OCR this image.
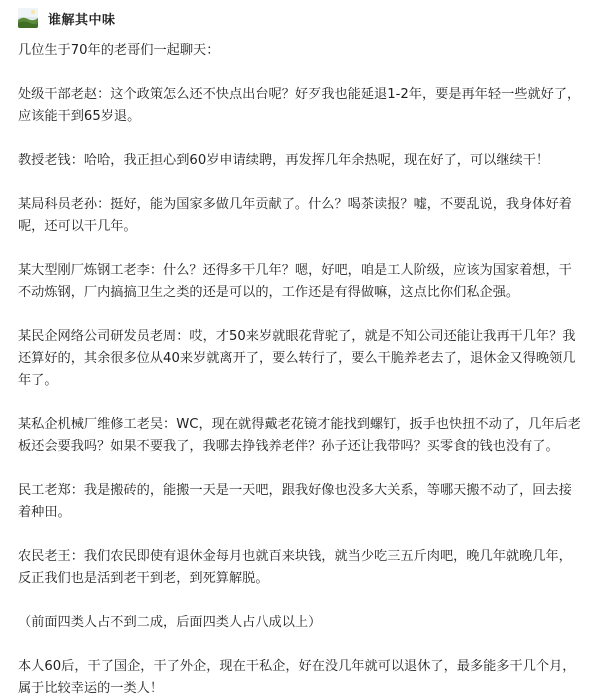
谁解其中味

几位生于70年的老哥们一起聊天：

处级干部老赵：这个政策怎么还不快点出台呢？好歹我也能延退1-2年，要是再年轻一些就好了，应该能干到65岁退。

教授老钱：哈哈，我正担心到60岁申请续聘，再发挥几年余热呢，现在好了，可以继续干！

某局科员老孙：挺好，能为国家多做几年贡献了。什么？喝茶读报？嘘，不要乱说，我身体好着呢，还可以干几年。

某大型刚厂炼钢工老李：什么？还得多干几年？嗯，好吧，咱是工人阶级，应该为国家着想，干不动炼钢，厂内搞搞卫生之类的还是可以的，工作还是有得做嘛，这点比你们私企强。

某民企网络公司研发员老周：哎，才50来岁就眼花背驼了，就是不知公司还能让我再干几年？我还算好的，其余很多位从40来岁就离开了，要么转行了，要么干脆养老去了，退休金又得晚领几年了。

某私企机械厂维修工老吴：WC，现在就得戴老花镜才能找到螺钉，扳手也快扭不动了，几年后老板还会要我吗？如果不要我了，我哪去挣钱养老伴？孙子还让我带吗？买零食的钱也没有了。

民工老郑：我是搬砖的，能搬一天是一天吧，跟我好像也没多大关系，等哪天搬不动了，回去接着种田。

农民老王：我们农民即使有退休金每月也就百来块钱，就当少吃三五斤肉吧，晚几年就晚几年，反正我们也是活到老干到老，到死算解脱。

（前面四类人占不到二成，后面四类人占八成以上）

本人60后，干了国企，干了外企，现在干私企，好在没几年就可以退休了，最多能多干几个月，属于比较幸运的一类人！
